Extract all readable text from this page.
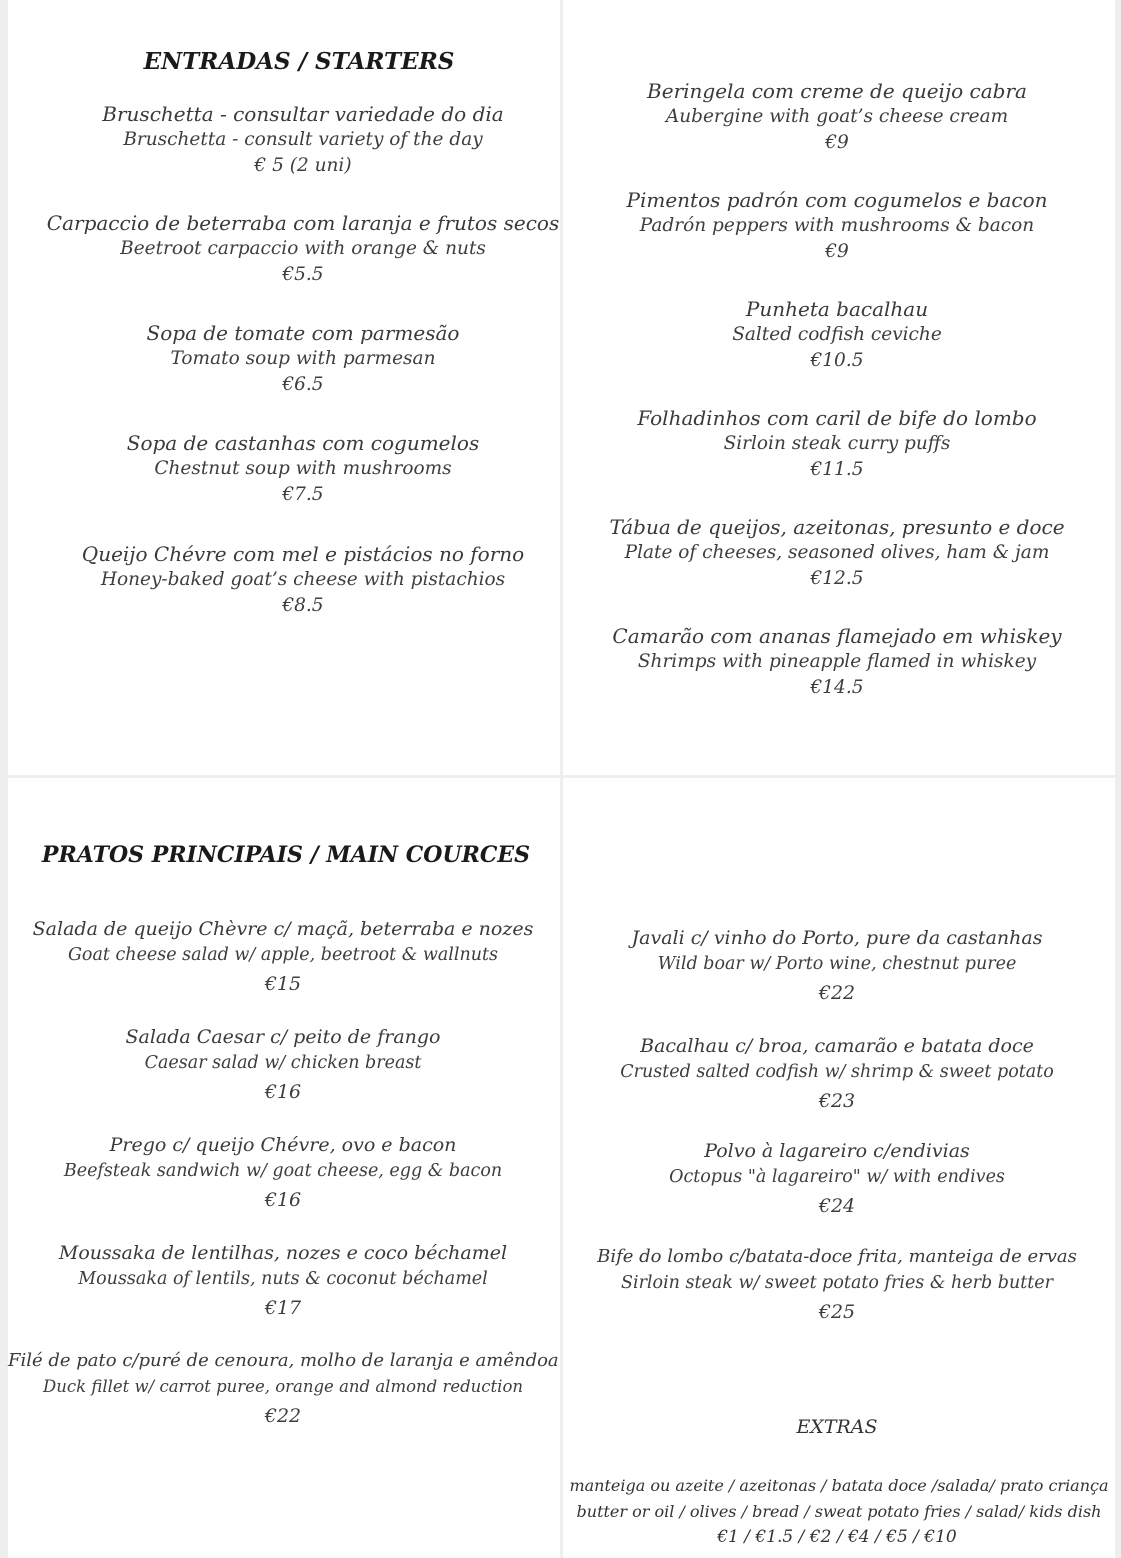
ENTRADAS / STARTERS
Bruschetta - consultar variedade do dia
Bruschetta - consult variety of the day
€ 5 (2 uni)
Carpaccio de beterraba com laranja e frutos secos
Beetroot carpaccio with orange & nuts
€5.5
Sopa de tomate com parmesão
Tomato soup with parmesan
€6.5
Sopa de castanhas com cogumelos
Chestnut soup with mushrooms
€7.5
Queijo Chévre com mel e pistácios no forno
Honey-baked goat’s cheese with pistachios
€8.5
Beringela com creme de queijo cabra
Aubergine with goat’s cheese cream
€9
Pimentos padrón com cogumelos e bacon
Padrón peppers with mushrooms & bacon
€9
Punheta bacalhau
Salted codfish ceviche
€10.5
Folhadinhos com caril de bife do lombo
Sirloin steak curry puffs
€11.5
Tábua de queijos, azeitonas, presunto e doce
Plate of cheeses, seasoned olives, ham & jam
€12.5
Camarão com ananas flamejado em whiskey
Shrimps with pineapple flamed in whiskey
€14.5
PRATOS PRINCIPAIS / MAIN COURCES
Salada de queijo Chèvre c/ maçã, beterraba e nozes
Goat cheese salad w/ apple, beetroot & wallnuts
€15
Salada Caesar c/ peito de frango
Caesar salad w/ chicken breast
€16
Prego c/ queijo Chévre, ovo e bacon
Beefsteak sandwich w/ goat cheese, egg & bacon
€16
Moussaka de lentilhas, nozes e coco béchamel
Moussaka of lentils, nuts & coconut béchamel
€17
Filé de pato c/puré de cenoura, molho de laranja e amêndoa
Duck fillet w/ carrot puree, orange and almond reduction
€22
Javali c/ vinho do Porto, pure da castanhas
Wild boar w/ Porto wine, chestnut puree
€22
Bacalhau c/ broa, camarão e batata doce
Crusted salted codfish w/ shrimp & sweet potato
€23
Polvo à lagareiro c/endivias
Octopus "à lagareiro" w/ with endives
€24
Bife do lombo c/batata-doce frita, manteiga de ervas
Sirloin steak w/ sweet potato fries & herb butter
€25
EXTRAS
manteiga ou azeite / azeitonas / batata doce /salada/ prato criança
butter or oil / olives / bread / sweat potato fries / salad/ kids dish
€1 / €1.5 / €2 / €4 / €5 / €10
